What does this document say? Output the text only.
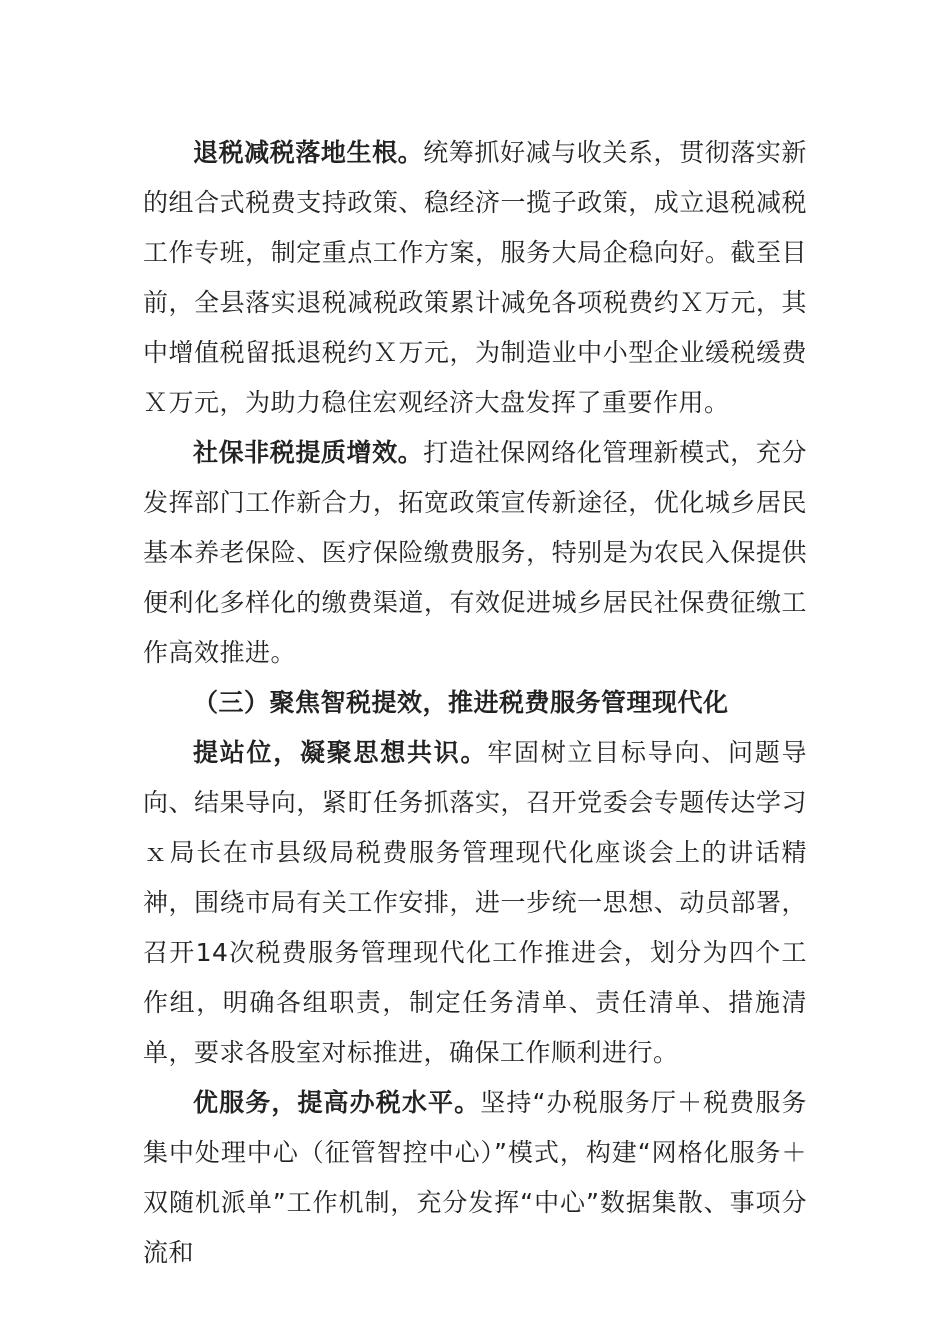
退税减税落地生根。统筹抓好减与收关系，贯彻落实新的组合式税费支持政策、稳经济一揽子政策，成立退税减税工作专班，制定重点工作方案，服务大局企稳向好。截至目前，全县落实退税减税政策累计减免各项税费约Ｘ万元，其中增值税留抵退税约Ｘ万元，为制造业中小型企业缓税缓费Ｘ万元，为助力稳住宏观经济大盘发挥了重要作用。

社保非税提质增效。打造社保网络化管理新模式，充分发挥部门工作新合力，拓宽政策宣传新途径，优化城乡居民基本养老保险、医疗保险缴费服务，特别是为农民入保提供便利化多样化的缴费渠道，有效促进城乡居民社保费征缴工作高效推进。

（三）聚焦智税提效，推进税费服务管理现代化

提站位，凝聚思想共识。牢固树立目标导向、问题导向、结果导向，紧盯任务抓落实，召开党委会专题传达学习ｘ局长在市县级局税费服务管理现代化座谈会上的讲话精神，围绕市局有关工作安排，进一步统一思想、动员部署，召开14次税费服务管理现代化工作推进会，划分为四个工作组，明确各组职责，制定任务清单、责任清单、措施清单，要求各股室对标推进，确保工作顺利进行。

优服务，提高办税水平。坚持“办税服务厅＋税费服务集中处理中心（征管智控中心）”模式，构建“网格化服务＋双随机派单”工作机制，充分发挥“中心”数据集散、事项分流和
